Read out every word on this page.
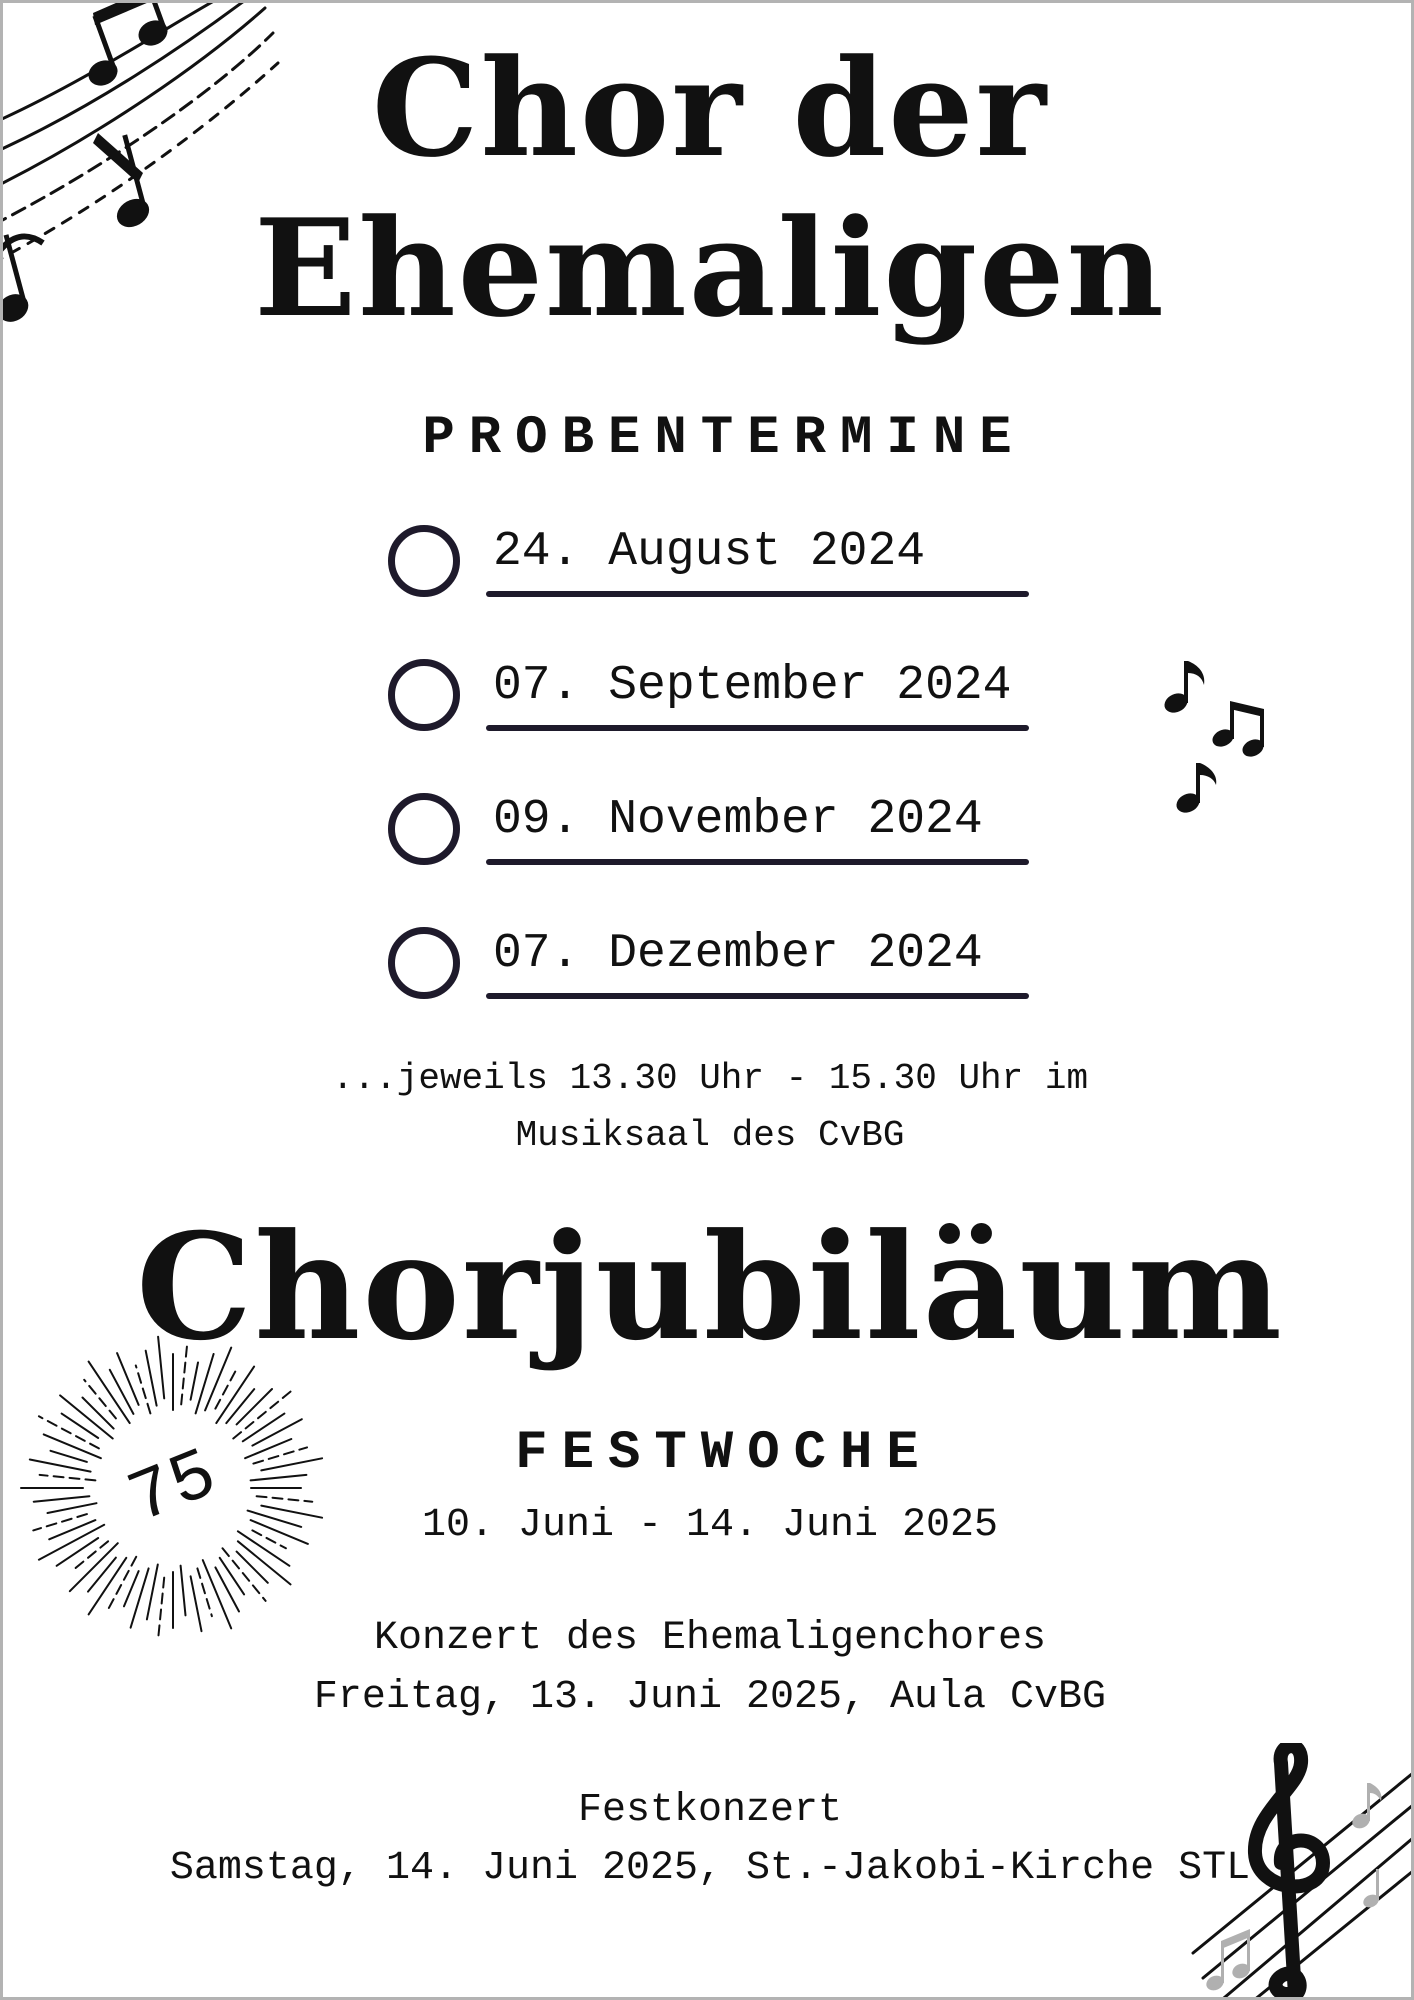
Chor der
Ehemaligen
PROBENTERMINE
24. August 2024
07. September 2024
09. November 2024
07. Dezember 2024
...jeweils 13.30 Uhr - 15.30 Uhr im
Musiksaal des CvBG
Chorjubiläum
75	FESTWOCHE
10. Juni - 14. Juni 2025
Konzert des Ehemaligenchores
Freitag, 13. Juni 2025, Aula CvBG
Festkonzert
Samstag, 14. Juni 2025, St.-Jakobi-Kirche STL
